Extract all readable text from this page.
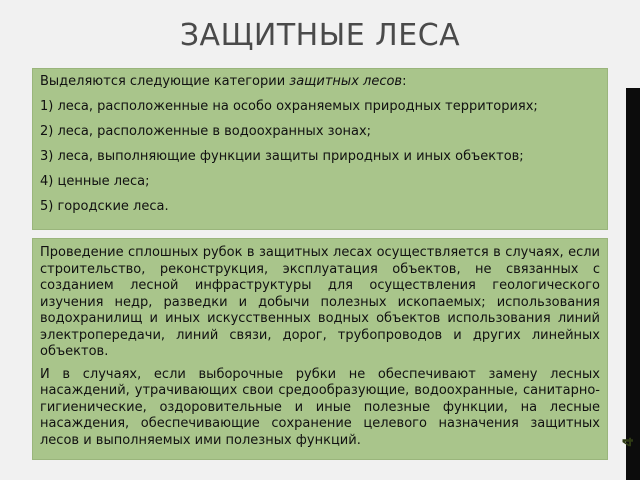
ЗАЩИТНЫЕ ЛЕСА
4

Выделяются следующие категории защитных лесов:

1) леса, расположенные на особо охраняемых природных территориях;

2) леса, расположенные в водоохранных зонах;

3) леса, выполняющие функции защиты природных и иных объектов;

4) ценные леса;

5) городские леса.

Проведение сплошных рубок в защитных лесах осуществляется в случаях, если строительство, реконструкция, эксплуатация объектов, не связанных с созданием лесной инфраструктуры для осуществления геологического изучения недр, разведки и добычи полезных ископаемых; использования водохранилищ и иных искусственных водных объектов использования линий электропередачи, линий связи, дорог, трубопроводов и других линейных объектов.

И в случаях, если выборочные рубки не обеспечивают замену лесных насаждений, утрачивающих свои средообразующие, водоохранные, санитарно-гигиенические, оздоровительные и иные полезные функции, на лесные насаждения, обеспечивающие сохранение целевого назначения защитных лесов и выполняемых ими полезных функций.
